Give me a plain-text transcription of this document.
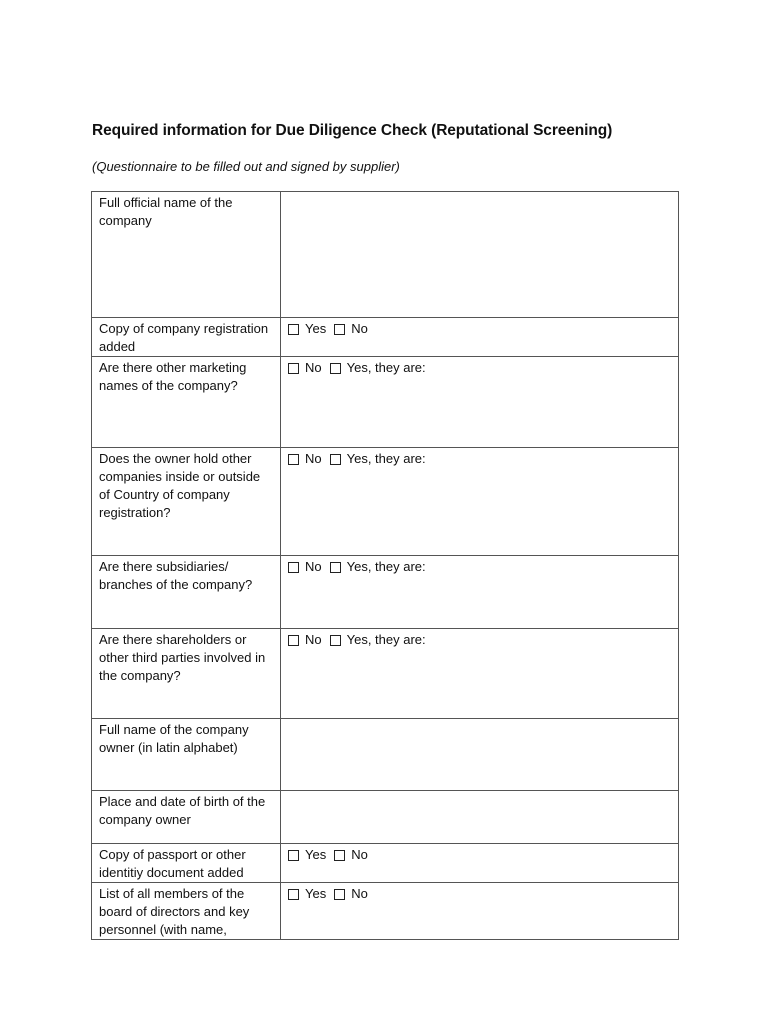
Required information for Due Diligence Check (Reputational Screening)
(Questionnaire to be filled out and signed by supplier)
Full official name of the company	
Copy of company registration added	Yes No

Are there other marketing names of the company?	No Yes, they are:

Does the owner hold other companies inside or outside of Country of company registration?	No Yes, they are:

Are there subsidiaries/ branches of the company?	No Yes, they are:

Are there shareholders or other third parties involved in the company?	No Yes, they are:

Full name of the company owner (in latin alphabet)	
Place and date of birth of the company owner	
Copy of passport or other identitiy document added	Yes No

List of all members of the board of directors and key personnel (with name,	Yes No
